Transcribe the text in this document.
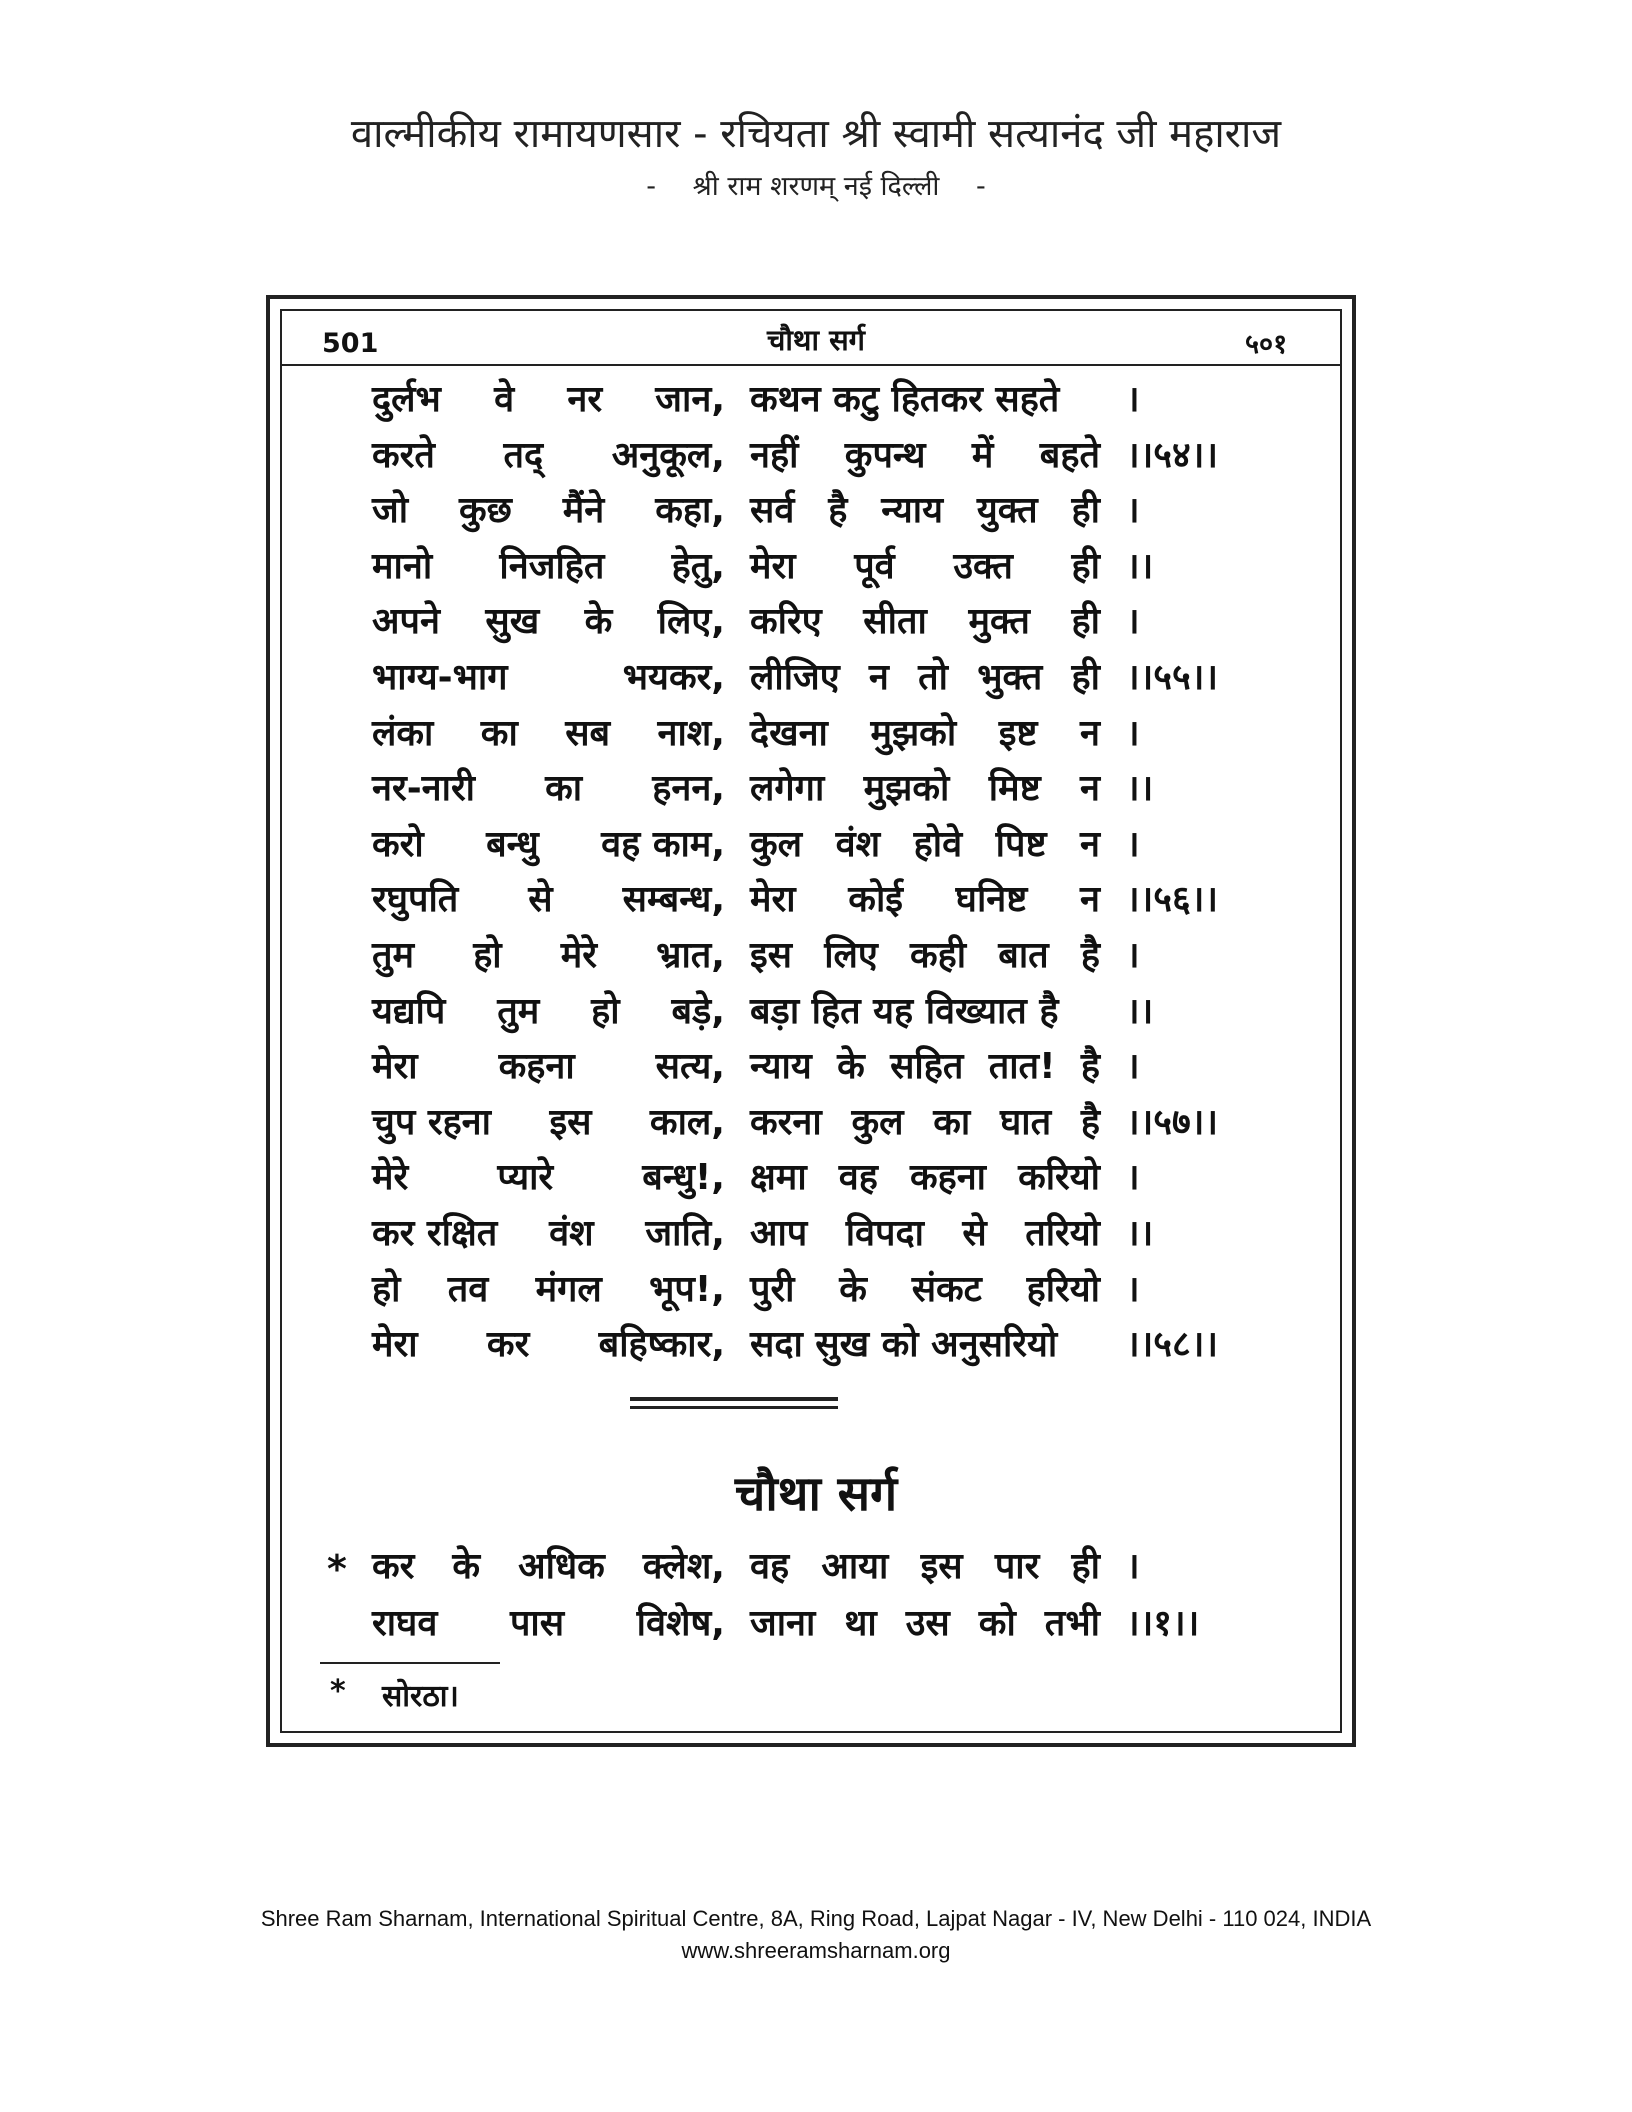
वाल्मीकीय रामायणसार - रचियता श्री स्वामी सत्यानंद जी महाराज
- श्री राम शरणम् नई दिल्ली -
501	चौथा सर्ग	५०१
दुर्लभ वे नर जान, कथन कटु हितकर सहते ।
करते तद् अनुकूल, नहीं कुपन्थ में बहते ।।५४।।
जो कुछ मैंने कहा, सर्व है न्याय युक्त ही ।
मानो निजहित हेतु, मेरा पूर्व उक्त ही ।।
अपने सुख के लिए, करिए सीता मुक्त ही ।
भाग्य-भाग	भयकर, लीजिए न तो भुक्त ही ।।५५।।
लंका का सब नाश, देखना मुझको इष्ट न ।
नर-नारी का हनन, लगेगा मुझको मिष्ट न ।।
करो बन्धु वह काम, कुल वंश होवे पिष्ट न ।
रघुपति से सम्बन्ध, मेरा कोई घनिष्ट न ।।५६।।
तुम हो मेरे भ्रात, इस लिए कही बात है ।
यद्यपि तुम हो बड़े, बड़ा हित यह विख्यात है ।।
मेरा कहना सत्य, न्याय के सहित तात! है ।
चुप रहना इस काल, करना कुल का घात है ।।५७।।
मेरे प्यारे बन्धु!, क्षमा वह कहना करियो ।
कर रक्षित वंश जाति, आप विपदा से तरियो ।।
हो तव मंगल भूप!, पुरी के संकट हरियो ।
मेरा कर बहिष्कार, सदा सुख को अनुसरियो ।।५८।।
चौथा सर्ग
* कर के अधिक क्लेश, वह आया इस पार ही ।
राघव पास विशेष, जाना था उस को तभी ।।१।।
* सोरठा।
Shree Ram Sharnam, International Spiritual Centre, 8A, Ring Road, Lajpat Nagar - IV, New Delhi - 110 024, INDIA
www.shreeramsharnam.org
